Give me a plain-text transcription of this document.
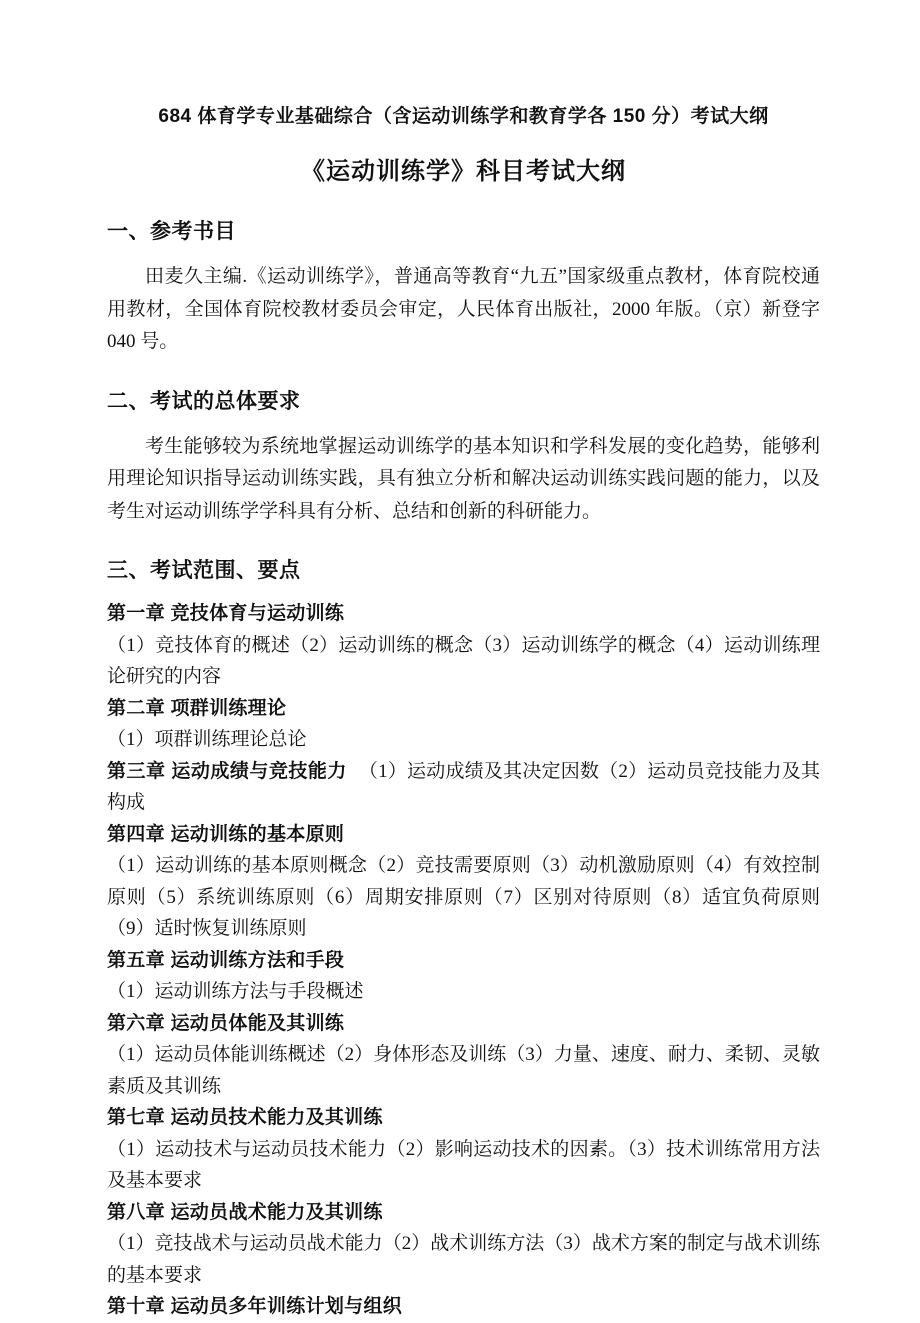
684 体育学专业基础综合（含运动训练学和教育学各 150 分）考试大纲

《运动训练学》科目考试大纲

一、参考书目

田麦久主编.《运动训练学》，普通高等教育“九五”国家级重点教材，体育院校通用教材，全国体育院校教材委员会审定，人民体育出版社，2000 年版。（京）新登字 040 号。

二、考试的总体要求

考生能够较为系统地掌握运动训练学的基本知识和学科发展的变化趋势，能够利用理论知识指导运动训练实践，具有独立分析和解决运动训练实践问题的能力，以及考生对运动训练学学科具有分析、总结和创新的科研能力。

三、考试范围、要点

第一章 竞技体育与运动训练

（1）竞技体育的概述（2）运动训练的概念（3）运动训练学的概念（4）运动训练理论研究的内容

第二章 项群训练理论

（1）项群训练理论总论

第三章 运动成绩与竞技能力 （1）运动成绩及其决定因数（2）运动员竞技能力及其构成

第四章 运动训练的基本原则

（1）运动训练的基本原则概念（2）竞技需要原则（3）动机激励原则（4）有效控制原则（5）系统训练原则（6）周期安排原则（7）区别对待原则（8）适宜负荷原则 （9）适时恢复训练原则

第五章 运动训练方法和手段

（1）运动训练方法与手段概述

第六章 运动员体能及其训练

（1）运动员体能训练概述（2）身体形态及训练（3）力量、速度、耐力、柔韧、灵敏素质及其训练

第七章 运动员技术能力及其训练

（1）运动技术与运动员技术能力（2）影响运动技术的因素。（3）技术训练常用方法及基本要求

第八章 运动员战术能力及其训练

（1）竞技战术与运动员战术能力（2）战术训练方法（3）战术方案的制定与战术训练的基本要求

第十章 运动员多年训练计划与组织
